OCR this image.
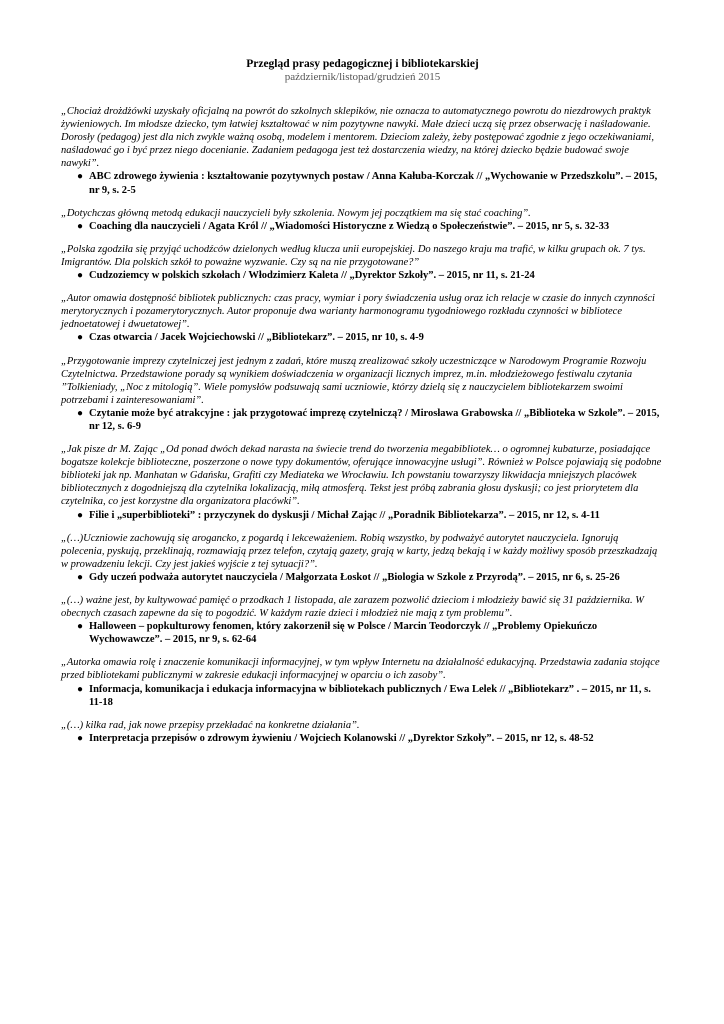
Przegląd prasy pedagogicznej i bibliotekarskiej
październik/listopad/grudzień 2015

„Chociaż drożdżówki uzyskały oficjalną na powrót do szkolnych sklepików, nie oznacza to automatycznego powrotu do niezdrowych praktyk żywieniowych. Im młodsze dziecko, tym łatwiej kształtować w nim pozytywne nawyki. Małe dzieci uczą się przez obserwację i naśladowanie. Dorosły (pedagog) jest dla nich zwykle ważną osobą, modelem i mentorem. Dzieciom zależy, żeby postępować zgodnie z jego oczekiwaniami, naśladować go i być przez niego docenianie. Zadaniem pedagoga jest też dostarczenia wiedzy, na której dziecko będzie budować swoje nawyki”.

● ABC zdrowego żywienia : kształtowanie pozytywnych postaw / Anna Kałuba-Korczak // „Wychowanie w Przedszkolu”. – 2015, nr 9, s. 2-5

„Dotychczas główną metodą edukacji nauczycieli były szkolenia. Nowym jej początkiem ma się stać coaching”.

● Coaching dla nauczycieli / Agata Król // „Wiadomości Historyczne z Wiedzą o Społeczeństwie”. – 2015, nr 5, s. 32-33

„Polska zgodziła się przyjąć uchodźców dzielonych według klucza unii europejskiej. Do naszego kraju ma trafić, w kilku grupach ok. 7 tys. Imigrantów. Dla polskich szkół to poważne wyzwanie. Czy są na nie przygotowane?”

● Cudzoziemcy w polskich szkołach / Włodzimierz Kaleta // „Dyrektor Szkoły”. – 2015, nr 11, s. 21-24

„Autor omawia dostępność bibliotek publicznych: czas pracy, wymiar i pory świadczenia usług oraz ich relacje w czasie do innych czynności merytorycznych i pozamerytorycznych. Autor proponuje dwa warianty harmonogramu tygodniowego rozkładu czynności w bibliotece jednoetatowej i dwuetatowej”.

● Czas otwarcia / Jacek Wojciechowski // „Bibliotekarz”. – 2015, nr 10, s. 4-9

„Przygotowanie imprezy czytelniczej jest jednym z zadań, które muszą zrealizować szkoły uczestniczące w Narodowym Programie Rozwoju Czytelnictwa. Przedstawione porady są wynikiem doświadczenia w organizacji licznych imprez, m.in. młodzieżowego festiwalu czytania ”Tolkieniady, „Noc z mitologią”. Wiele pomysłów podsuwają sami uczniowie, którzy dzielą się z nauczycielem bibliotekarzem swoimi potrzebami i zainteresowaniami”.

● Czytanie może być atrakcyjne : jak przygotować imprezę czytelniczą? / Mirosława Grabowska // „Biblioteka w Szkole”. – 2015, nr 12, s. 6-9

„Jak pisze dr M. Zając „Od ponad dwóch dekad narasta na świecie trend do tworzenia megabibliotek… o ogromnej kubaturze, posiadające bogatsze kolekcje biblioteczne, poszerzone o nowe typy dokumentów, oferujące innowacyjne usługi”. Również w Polsce pojawiają się podobne biblioteki jak np. Manhatan w Gdańsku, Grafiti czy Mediateka we Wrocławiu. Ich powstaniu towarzyszy likwidacja mniejszych placówek bibliotecznych z dogodniejszą dla czytelnika lokalizacją, miłą atmosferą. Tekst jest próbą zabrania głosu dyskusji; co jest priorytetem dla czytelnika, co jest korzystne dla organizatora placówki”.

● Filie i „superbiblioteki” : przyczynek do dyskusji / Michał Zając // „Poradnik Bibliotekarza”. – 2015, nr 12, s. 4-11

„(…)Uczniowie zachowują się arogancko, z pogardą i lekceważeniem. Robią wszystko, by podważyć autorytet nauczyciela. Ignorują polecenia, pyskują, przeklinają, rozmawiają przez telefon, czytają gazety, grają w karty, jedzą bekają i w każdy możliwy sposób przeszkadzają w prowadzeniu lekcji. Czy jest jakieś wyjście z tej sytuacji?”.

● Gdy uczeń podważa autorytet nauczyciela / Małgorzata Łoskot // „Biologia w Szkole z Przyrodą”. – 2015, nr 6, s. 25-26

„(…) ważne jest, by kultywować pamięć o przodkach 1 listopada, ale zarazem pozwolić dzieciom i młodzieży bawić się 31 października. W obecnych czasach zapewne da się to pogodzić. W każdym razie dzieci i młodzież nie mają z tym problemu”.

● Halloween – popkulturowy fenomen, który zakorzenił się w Polsce / Marcin Teodorczyk // „Problemy Opiekuńczo Wychowawcze”. – 2015, nr 9, s. 62-64

„Autorka omawia rolę i znaczenie komunikacji informacyjnej, w tym wpływ Internetu na działalność edukacyjną. Przedstawia zadania stojące przed bibliotekami publicznymi w zakresie edukacji informacyjnej w oparciu o ich zasoby”.

● Informacja, komunikacja i edukacja informacyjna w bibliotekach publicznych / Ewa Lelek // „Bibliotekarz” . – 2015, nr 11, s. 11-18

„(…) kilka rad, jak nowe przepisy przekładać na konkretne działania”.

● Interpretacja przepisów o zdrowym żywieniu / Wojciech Kolanowski // „Dyrektor Szkoły”. – 2015, nr 12, s. 48-52
